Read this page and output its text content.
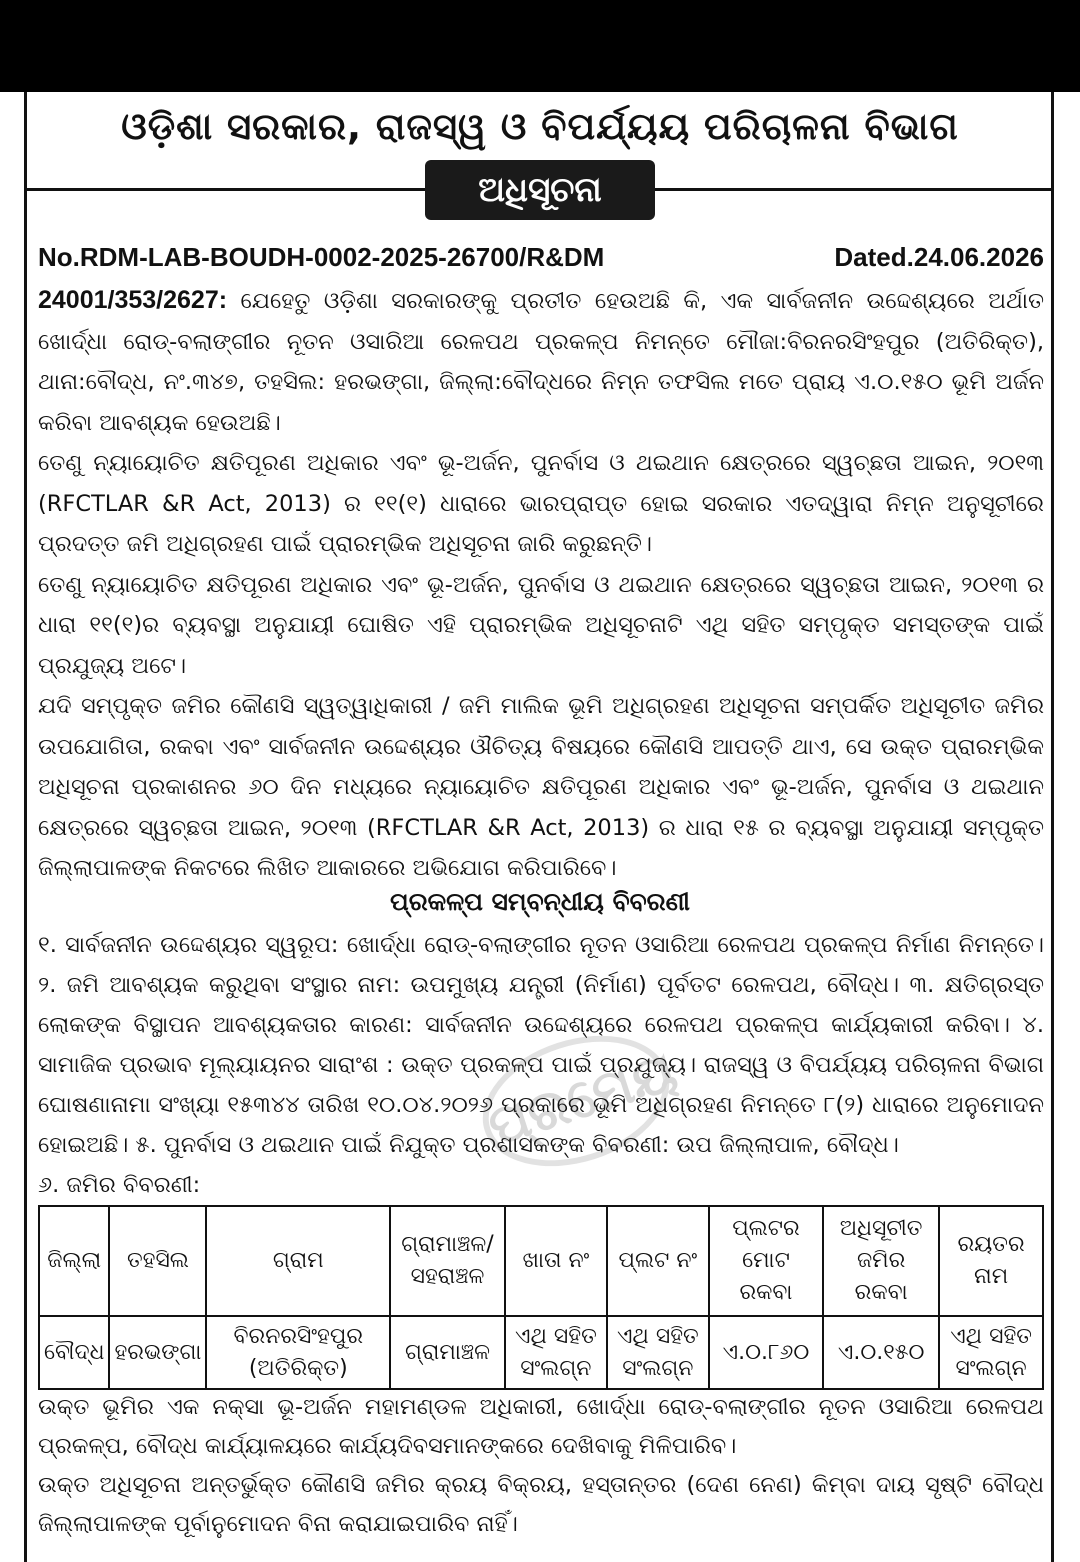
ଓଡ଼ିଶା ସରକାର, ରାଜସ୍ୱ ଓ ବିପର୍ଯ୍ୟୟ ପରିଚାଳନା ବିଭାଗ
ଅଧିସୂଚନା
No.RDM-LAB-BOUDH-0002-2025-26700/R&DM	Dated.24.06.2026

24001/353/2627: ଯେହେତୁ ଓଡ଼ିଶା ସରକାରଙ୍କୁ ପ୍ରତୀତ ହେଉଅଛି କି, ଏକ ସାର୍ବଜନୀନ ଉଦ୍ଦେଶ୍ୟରେ ଅର୍ଥାତ ଖୋର୍ଦ୍ଧା ରୋଡ୍-ବଲାଙ୍ଗୀର ନୂତନ ଓସାରିଆ ରେଳପଥ ପ୍ରକଳ୍ପ ନିମନ୍ତେ ମୌଜା:ବିରନରସିଂହପୁର (ଅତିରିକ୍ତ), ଥାନା:ବୌଦ୍ଧ, ନଂ.୩୪୭, ତହସିଲ: ହରଭଙ୍ଗା, ଜିଲ୍ଲା:ବୌଦ୍ଧରେ ନିମ୍ନ ତଫସିଲ ମତେ ପ୍ରାୟ ଏ.୦.୧୫୦ ଭୂମି ଅର୍ଜନ କରିବା ଆବଶ୍ୟକ ହେଉଅଛି।

ତେଣୁ ନ୍ୟାୟୋଚିତ କ୍ଷତିପୂରଣ ଅଧିକାର ଏବଂ ଭୂ-ଅର୍ଜନ, ପୁନର୍ବାସ ଓ ଥଇଥାନ କ୍ଷେତ୍ରରେ ସ୍ୱଚ୍ଛତା ଆଇନ, ୨୦୧୩ (RFCTLAR &R Act, 2013) ର ୧୧(୧) ଧାରାରେ ଭାରପ୍ରାପ୍ତ ହୋଇ ସରକାର ଏତଦ୍ୱାରା ନିମ୍ନ ଅନୁସୂଚୀରେ ପ୍ରଦତ୍ତ ଜମି ଅଧିଗ୍ରହଣ ପାଇଁ ପ୍ରାରମ୍ଭିକ ଅଧିସୂଚନା ଜାରି କରୁଛନ୍ତି।

ତେଣୁ ନ୍ୟାୟୋଚିତ କ୍ଷତିପୂରଣ ଅଧିକାର ଏବଂ ଭୂ-ଅର୍ଜନ, ପୁନର୍ବାସ ଓ ଥଇଥାନ କ୍ଷେତ୍ରରେ ସ୍ୱଚ୍ଛତା ଆଇନ, ୨୦୧୩ ର ଧାରା ୧୧(୧)ର ବ୍ୟବସ୍ଥା ଅନୁଯାୟୀ ଘୋଷିତ ଏହି ପ୍ରାରମ୍ଭିକ ଅଧିସୂଚନାଟି ଏଥି ସହିତ ସମ୍ପୃକ୍ତ ସମସ୍ତଙ୍କ ପାଇଁ ପ୍ରଯୁଜ୍ୟ ଅଟେ।

ଯଦି ସମ୍ପୃକ୍ତ ଜମିର କୌଣସି ସ୍ୱତ୍ୱାଧିକାରୀ / ଜମି ମାଲିକ ଭୂମି ଅଧିଗ୍ରହଣ ଅଧିସୂଚନା ସମ୍ପର୍କିତ ଅଧିସୂଚୀତ ଜମିର ଉପଯୋଗିତା, ରକବା ଏବଂ ସାର୍ବଜନୀନ ଉଦ୍ଦେଶ୍ୟର ଔଚିତ୍ୟ ବିଷୟରେ କୌଣସି ଆପତ୍ତି ଥାଏ, ସେ ଉକ୍ତ ପ୍ରାରମ୍ଭିକ ଅଧିସୂଚନା ପ୍ରକାଶନର ୬୦ ଦିନ ମଧ୍ୟରେ ନ୍ୟାୟୋଚିତ କ୍ଷତିପୂରଣ ଅଧିକାର ଏବଂ ଭୂ-ଅର୍ଜନ, ପୁନର୍ବାସ ଓ ଥଇଥାନ କ୍ଷେତ୍ରରେ ସ୍ୱଚ୍ଛତା ଆଇନ, ୨୦୧୩ (RFCTLAR &R Act, 2013) ର ଧାରା ୧୫ ର ବ୍ୟବସ୍ଥା ଅନୁଯାୟୀ ସମ୍ପୃକ୍ତ ଜିଲ୍ଲାପାଳଙ୍କ ନିକଟରେ ଲିଖିତ ଆକାରରେ ଅଭିଯୋଗ କରିପାରିବେ।

ପ୍ରକଳ୍ପ ସମ୍ବନ୍ଧୀୟ ବିବରଣୀ

୧. ସାର୍ବଜନୀନ ଉଦ୍ଦେଶ୍ୟର ସ୍ୱରୂପ: ଖୋର୍ଦ୍ଧା ରୋଡ୍-ବଲାଙ୍ଗୀର ନୂତନ ଓସାରିଆ ରେଳପଥ ପ୍ରକଳ୍ପ ନିର୍ମାଣ ନିମନ୍ତେ। ୨. ଜମି ଆବଶ୍ୟକ କରୁଥିବା ସଂସ୍ଥାର ନାମ: ଉପମୁଖ୍ୟ ଯନ୍ତ୍ରୀ (ନିର୍ମାଣ) ପୂର୍ବତଟ ରେଳପଥ, ବୌଦ୍ଧ। ୩. କ୍ଷତିଗ୍ରସ୍ତ ଲୋକଙ୍କ ବିସ୍ଥାପନ ଆବଶ୍ୟକତାର କାରଣ: ସାର୍ବଜନୀନ ଉଦ୍ଦେଶ୍ୟରେ ରେଳପଥ ପ୍ରକଳ୍ପ କାର୍ଯ୍ୟକାରୀ କରିବା। ୪. ସାମାଜିକ ପ୍ରଭାବ ମୂଲ୍ୟାୟନର ସାରାଂଶ : ଉକ୍ତ ପ୍ରକଳ୍ପ ପାଇଁ ପ୍ରଯୁଜ୍ୟ। ରାଜସ୍ୱ ଓ ବିପର୍ଯ୍ୟୟ ପରିଚାଳନା ବିଭାଗ ଘୋଷଣାନାମା ସଂଖ୍ୟା ୧୫୩୪୪ ତାରିଖ ୧୦.୦୪.୨୦୨୬ ପ୍ରକାରେ ଭୂମି ଅଧିଗ୍ରହଣ ନିମନ୍ତେ ୮(୨) ଧାରାରେ ଅନୁମୋଦନ ହୋଇଅଛି। ୫. ପୁନର୍ବାସ ଓ ଥଇଥାନ ପାଇଁ ନିଯୁକ୍ତ ପ୍ରଶାସକଙ୍କ ବିବରଣୀ: ଉପ ଜିଲ୍ଲାପାଳ, ବୌଦ୍ଧ।

୬. ଜମିର ବିବରଣୀ:

ପ୍ରମେୟ
ଜିଲ୍ଲା	ତହସିଲ	ଗ୍ରାମ	ଗ୍ରାମାଞ୍ଚଳ/ ସହରାଞ୍ଚଳ	ଖାତା ନଂ	ପ୍ଲଟ ନଂ	ପ୍ଲଟର ମୋଟ ରକବା	ଅଧିସୂଚୀତ ଜମିର ରକବା	ରୟତର ନାମ
ବୌଦ୍ଧ	ହରଭଙ୍ଗା	ବିରନରସିଂହପୁର (ଅତିରିକ୍ତ)	ଗ୍ରାମାଞ୍ଚଳ	ଏଥି ସହିତ ସଂଲଗ୍ନ	ଏଥି ସହିତ ସଂଲଗ୍ନ	ଏ.୦.୮୬୦	ଏ.୦.୧୫୦	ଏଥି ସହିତ ସଂଲଗ୍ନ

ଉକ୍ତ ଭୂମିର ଏକ ନକ୍ସା ଭୂ-ଅର୍ଜନ ମହାମଣ୍ଡଳ ଅଧିକାରୀ, ଖୋର୍ଦ୍ଧା ରୋଡ୍-ବଲାଙ୍ଗୀର ନୂତନ ଓସାରିଆ ରେଳପଥ ପ୍ରକଳ୍ପ, ବୌଦ୍ଧ କାର୍ଯ୍ୟାଳୟରେ କାର୍ଯ୍ୟଦିବସମାନଙ୍କରେ ଦେଖିବାକୁ ମିଳିପାରିବ।

ଉକ୍ତ ଅଧିସୂଚନା ଅନ୍ତର୍ଭୁକ୍ତ କୌଣସି ଜମିର କ୍ରୟ ବିକ୍ରୟ, ହସ୍ତାନ୍ତର (ଦେଣ ନେଣ) କିମ୍ବା ଦାୟ ସୃଷ୍ଟି ବୌଦ୍ଧ ଜିଲ୍ଲାପାଳଙ୍କ ପୂର୍ବାନୁମୋଦନ ବିନା କରାଯାଇପାରିବ ନାହିଁ।
